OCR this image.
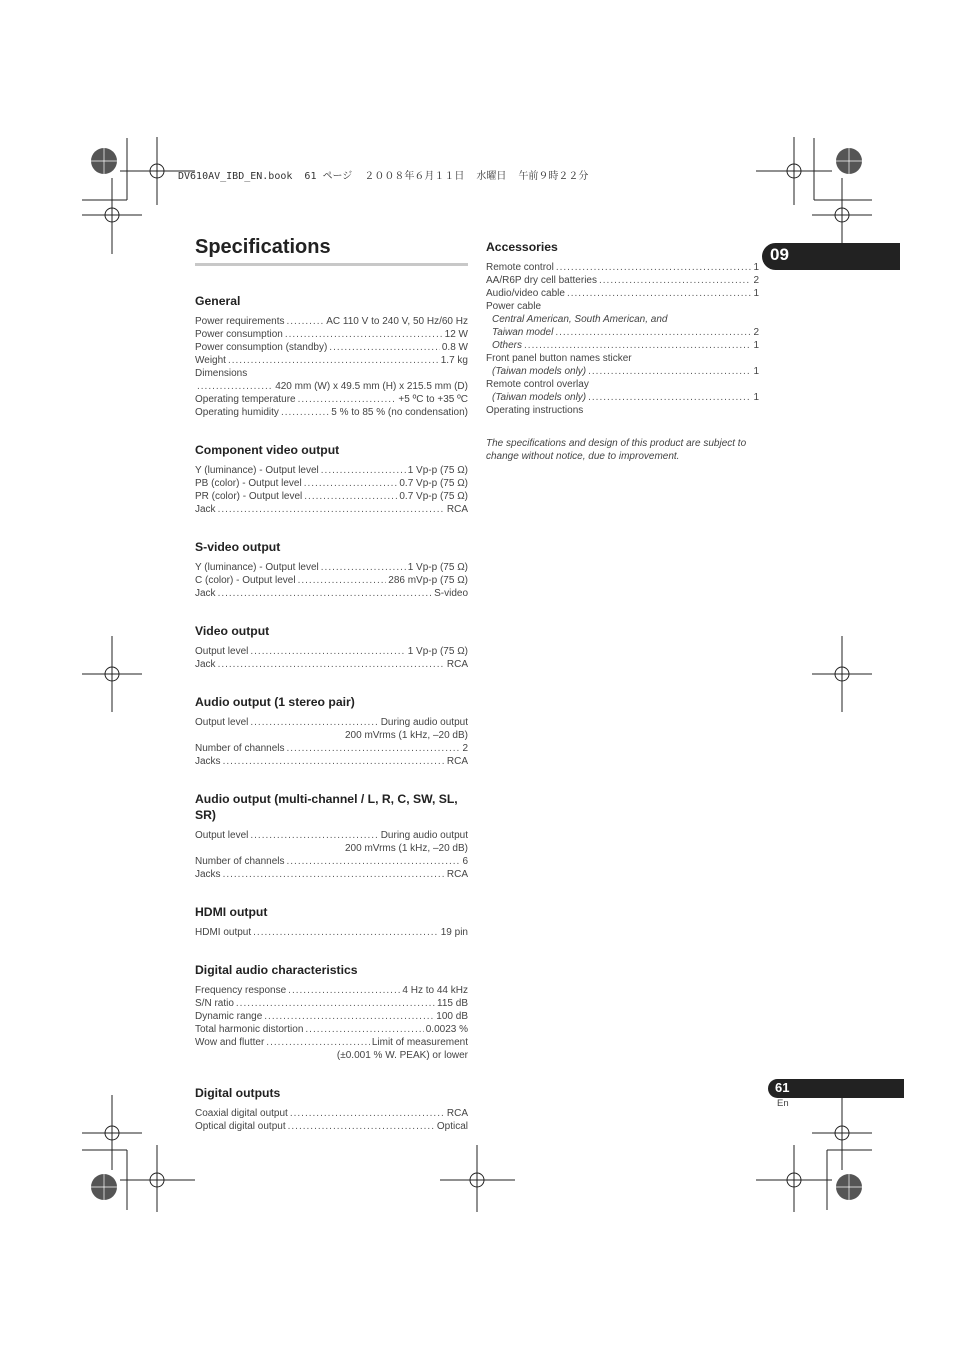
DV610AV_IBD_EN.book  61 ページ  ２００８年６月１１日  水曜日  午前９時２２分
09
Specifications
General
Power requirements .....	AC 110 V to 240 V, 50 Hz/60 Hz
Power consumption .....	12 W
Power consumption (standby) .....	0.8 W
Weight .....	1.7 kg
Dimensions
.....
420 mm (W) x 49.5 mm (H) x 215.5 mm (D)
Operating temperature .....	+5 ºC to +35 ºC
Operating humidity .....	5 % to 85 % (no condensation)
Component video output
Y (luminance) - Output level .....	1 Vp-p (75 Ω)
PB (color) - Output level .....	0.7 Vp-p (75 Ω)
PR (color) - Output level .....	0.7 Vp-p (75 Ω)
Jack .....	RCA
S-video output
Y (luminance) - Output level .....	1 Vp-p (75 Ω)
C (color) - Output level .....	286 mVp-p (75 Ω)
Jack .....	S-video
Video output
Output level .....	1 Vp-p (75 Ω)
Jack .....	RCA
Audio output (1 stereo pair)
Output level .....	During audio output
200 mVrms (1 kHz, –20 dB)
Number of channels .....	2
Jacks .....	RCA
Audio output (multi-channel / L, R, C, SW, SL, SR)
Output level .....	During audio output
200 mVrms (1 kHz, –20 dB)
Number of channels .....	6
Jacks .....	RCA
HDMI output
HDMI output .....	19 pin
Digital audio characteristics
Frequency response .....	4 Hz to 44 kHz
S/N ratio .....	115 dB
Dynamic range .....	100 dB
Total harmonic distortion .....	0.0023 %
Wow and flutter .....	Limit of measurement
(±0.001 % W. PEAK) or lower
Digital outputs
Coaxial digital output .....	RCA
Optical digital output .....	Optical
Accessories
Remote control .....	1
AA/R6P dry cell batteries .....	2
Audio/video cable .....	1
Power cable
Central American, South American, and
Taiwan model .....	2
Others .....	1
Front panel button names sticker
(Taiwan models only) .....	1
Remote control overlay
(Taiwan models only) .....	1
Operating instructions
The specifications and design of this product are subject to change without notice, due to improvement.
61
En
